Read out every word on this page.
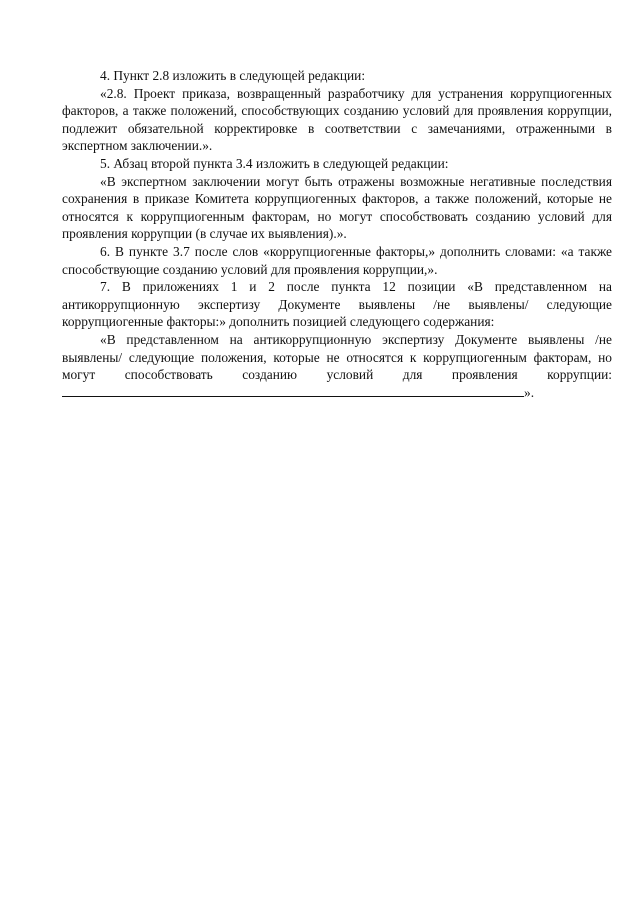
4. Пункт 2.8 изложить в следующей редакции:

«2.8. Проект приказа, возвращенный разработчику для устранения коррупциогенных факторов, а также положений, способствующих созданию условий для проявления коррупции, подлежит обязательной корректировке в соответствии с замечаниями, отраженными в экспертном заключении.».

5. Абзац второй пункта 3.4 изложить в следующей редакции:

«В экспертном заключении могут быть отражены возможные негативные последствия сохранения в приказе Комитета коррупциогенных факторов, а также положений, которые не относятся к коррупциогенным факторам, но могут способствовать созданию условий для проявления коррупции (в случае их выявления).».

6. В пункте 3.7 после слов «коррупциогенные факторы,» дополнить словами: «а также способствующие созданию условий для проявления коррупции,».

7. В приложениях 1 и 2 после пункта 12 позиции «В представленном на антикоррупционную экспертизу Документе выявлены /не выявлены/ следующие коррупциогенные факторы:» дополнить позицией следующего содержания:

«В представленном на антикоррупционную экспертизу Документе выявлены /не выявлены/ следующие положения, которые не относятся к коррупциогенным факторам, но могут способствовать созданию условий для проявления коррупции:».
